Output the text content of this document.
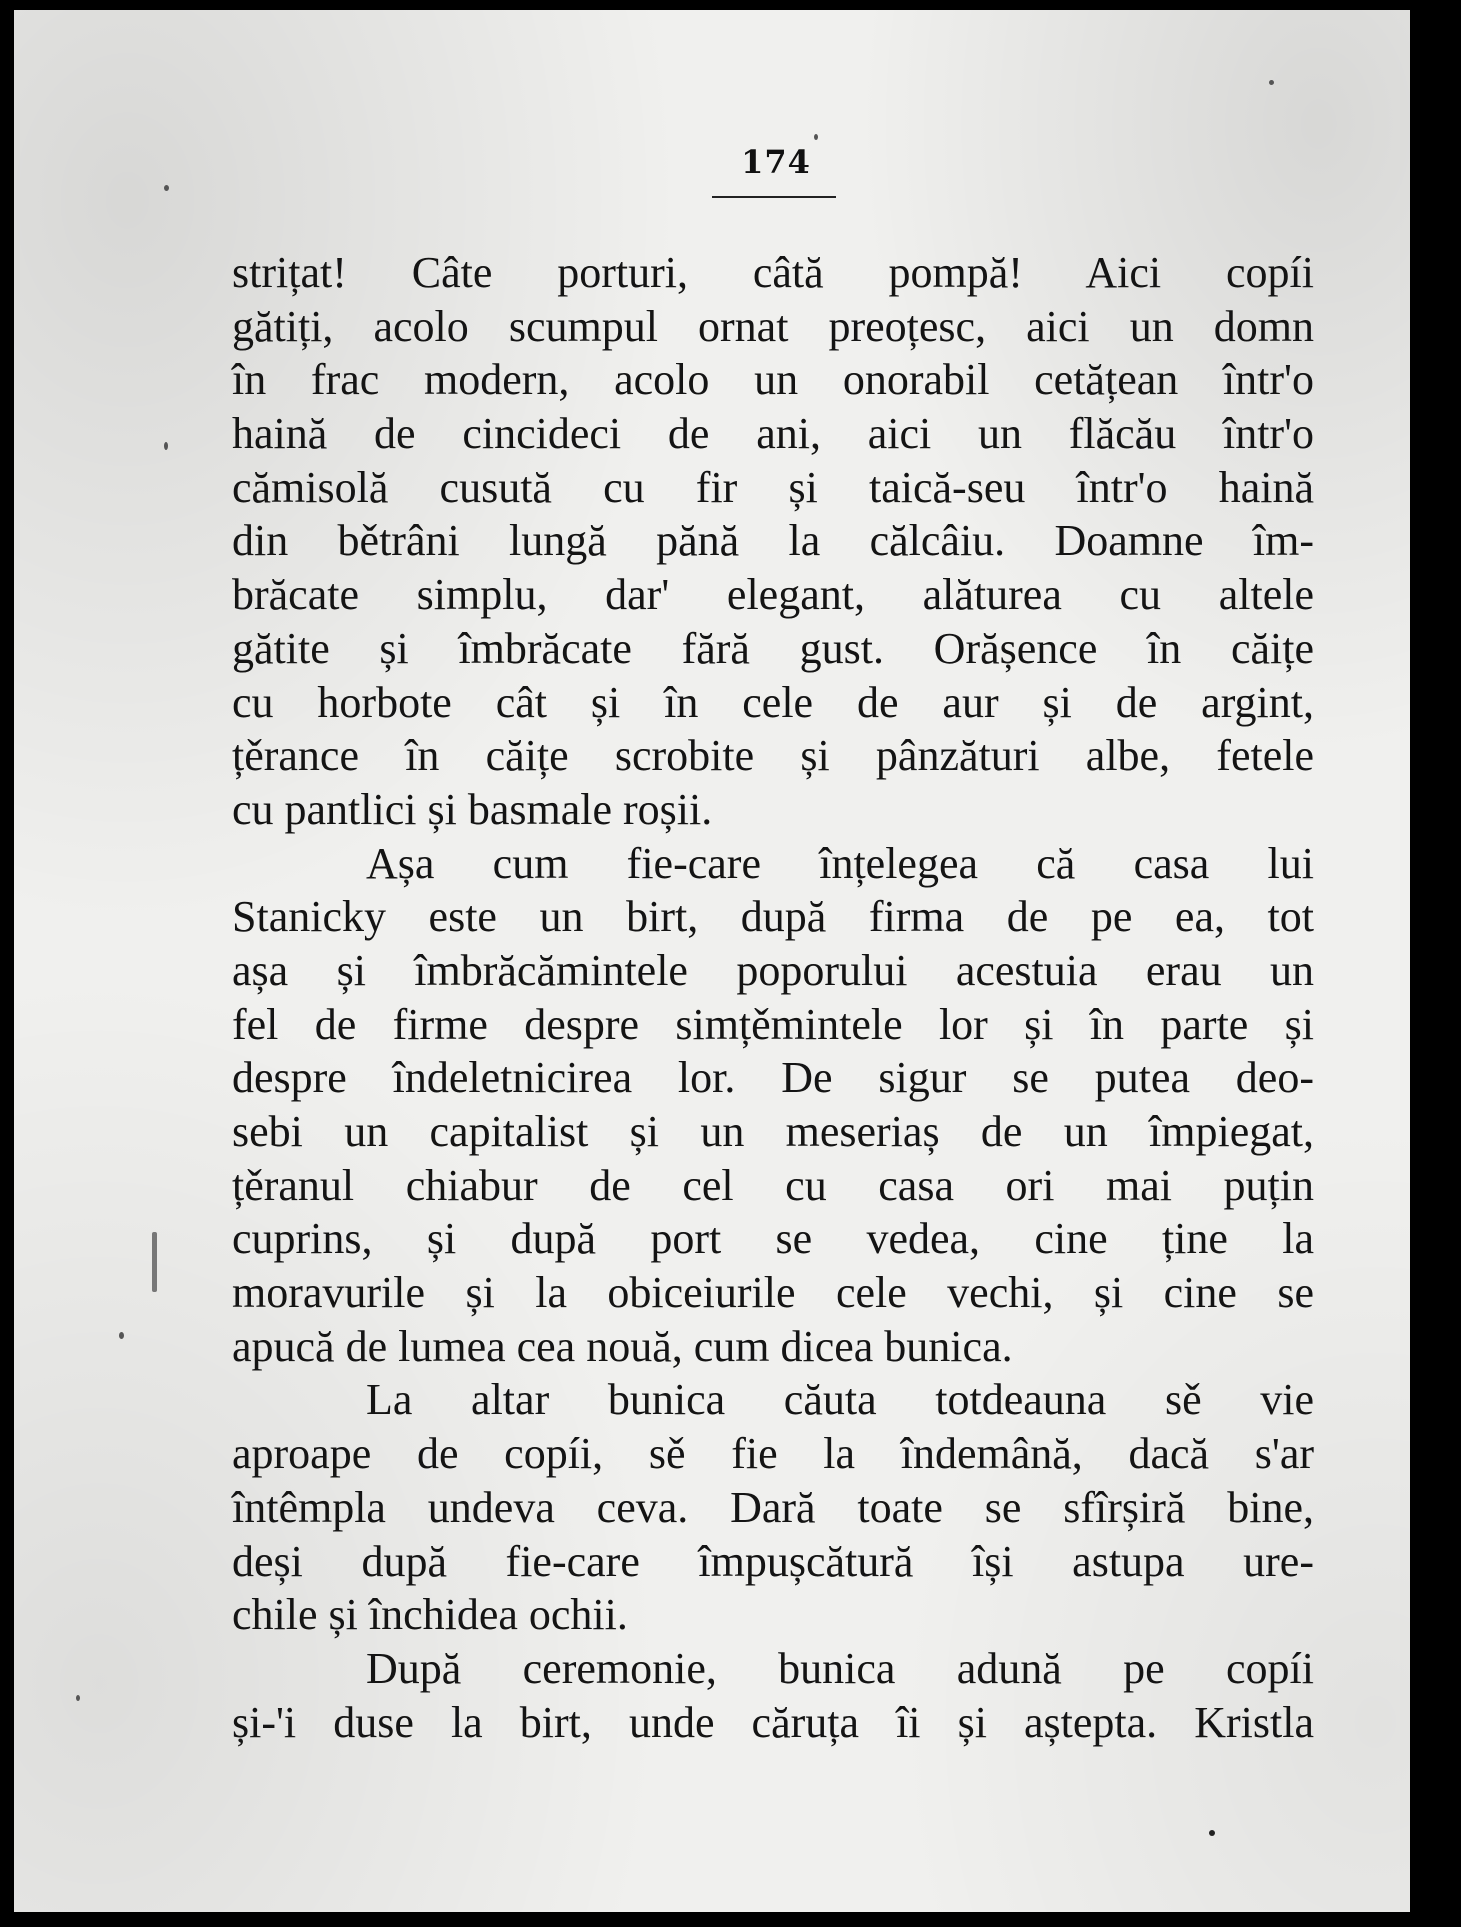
174
strițat! Câte porturi, câtă pompă! Aici copíi
gătiți, acolo scumpul ornat preoțesc, aici un domn
în frac modern, acolo un onorabil cetățean într'o
haină de cincideci de ani, aici un flăcău într'o
cămisolă cusută cu fir și taică-seu într'o haină
din bětrâni lungă pănă la călcâiu. Doamne îm-
brăcate simplu, dar' elegant, alăturea cu altele
gătite și îmbrăcate fără gust. Orășence în căițe
cu horbote cât și în cele de aur și de argint,
țěrance în căițe scrobite și pânzături albe, fetele
cu pantlici și basmale roșii.
Așa cum fie-care înțelegea că casa lui
Stanicky este un birt, după firma de pe ea, tot
așa și îmbrăcămintele poporului acestuia erau un
fel de firme despre simțěmintele lor și în parte și
despre îndeletnicirea lor. De sigur se putea deo-
sebi un capitalist și un meseriaș de un împiegat,
țěranul chiabur de cel cu casa ori mai puțin
cuprins, și după port se vedea, cine ține la
moravurile și la obiceiurile cele vechi, și cine se
apucă de lumea cea nouă, cum dicea bunica.
La altar bunica căuta totdeauna sě vie
aproape de copíi, sě fie la îndemână, dacă s'ar
întêmpla undeva ceva. Dară toate se sfîrșiră bine,
deși după fie-care împușcătură își astupa ure-
chile și închidea ochii.
După ceremonie, bunica adună pe copíi
și-'i duse la birt, unde căruța îi și aștepta. Kristla
